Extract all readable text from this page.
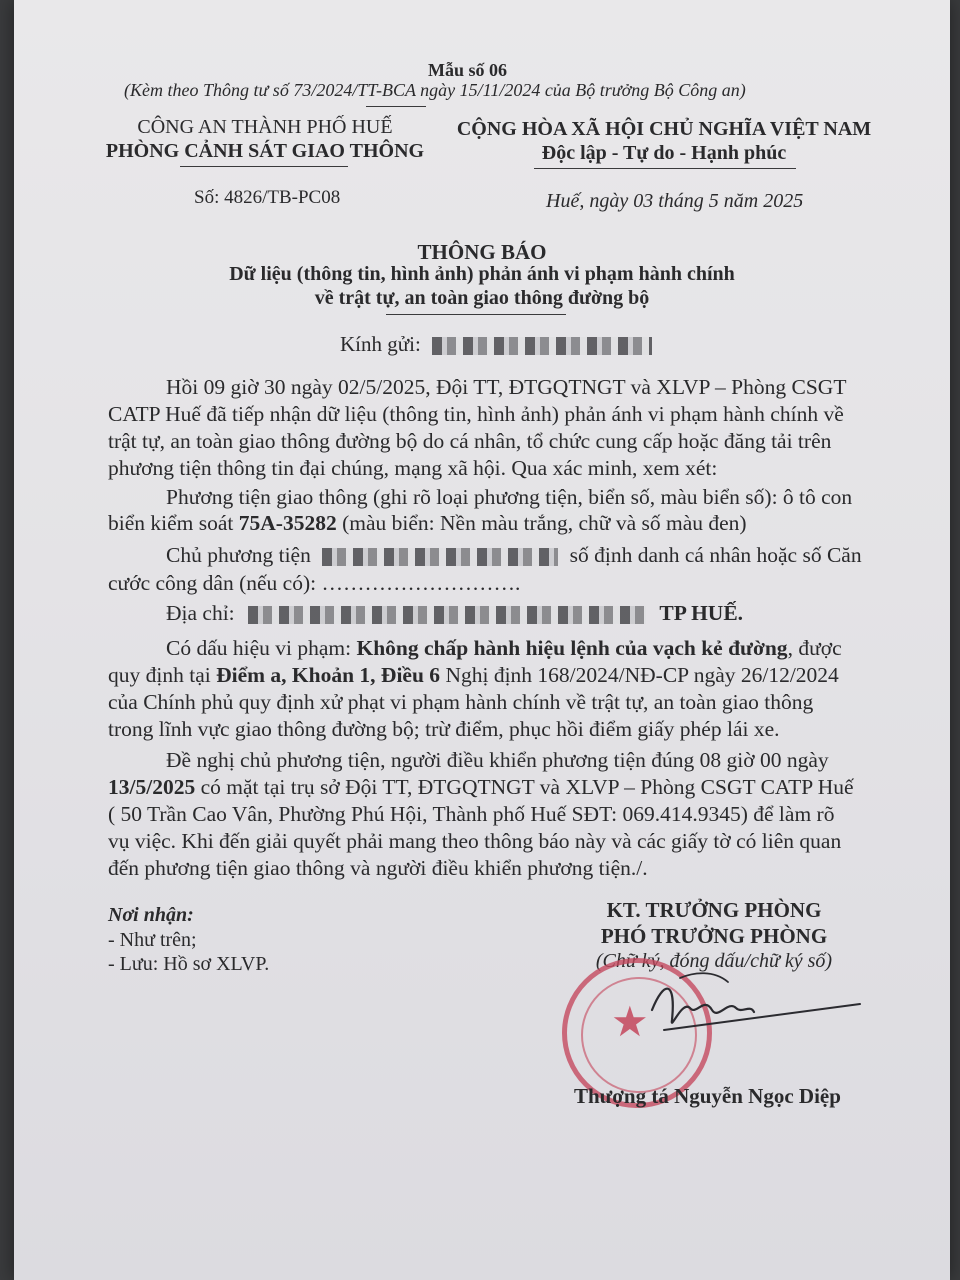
Mẫu số 06
(Kèm theo Thông tư số 73/2024/TT-BCA ngày 15/11/2024 của Bộ trưởng Bộ Công an)
CÔNG AN THÀNH PHỐ HUẾ
PHÒNG CẢNH SÁT GIAO THÔNG
Số: 4826/TB-PC08
CỘNG HÒA XÃ HỘI CHỦ NGHĨA VIỆT NAM
Độc lập - Tự do - Hạnh phúc
Huế, ngày 03 tháng 5 năm 2025
THÔNG BÁO
Dữ liệu (thông tin, hình ảnh) phản ánh vi phạm hành chính
về trật tự, an toàn giao thông đường bộ
Kính gửi:
Hồi 09 giờ 30 ngày 02/5/2025, Đội TT, ĐTGQTNGT và XLVP – Phòng CSGT
CATP Huế đã tiếp nhận dữ liệu (thông tin, hình ảnh) phản ánh vi phạm hành chính về
trật tự, an toàn giao thông đường bộ do cá nhân, tổ chức cung cấp hoặc đăng tải trên
phương tiện thông tin đại chúng, mạng xã hội. Qua xác minh, xem xét:
Phương tiện giao thông (ghi rõ loại phương tiện, biển số, màu biển số): ô tô con
biển kiểm soát 75A-35282 (màu biển: Nền màu trắng, chữ và số màu đen)
Chủ phương tiện	số định danh cá nhân hoặc số Căn
cước công dân (nếu có): ……………………….
Địa chỉ:	TP HUẾ.
Có dấu hiệu vi phạm: Không chấp hành hiệu lệnh của vạch kẻ đường, được
quy định tại Điểm a, Khoản 1, Điều 6 Nghị định 168/2024/NĐ-CP ngày 26/12/2024
của Chính phủ quy định xử phạt vi phạm hành chính về trật tự, an toàn giao thông
trong lĩnh vực giao thông đường bộ; trừ điểm, phục hồi điểm giấy phép lái xe.
Đề nghị chủ phương tiện, người điều khiển phương tiện đúng 08 giờ 00 ngày
13/5/2025 có mặt tại trụ sở Đội TT, ĐTGQTNGT và XLVP – Phòng CSGT CATP Huế
( 50 Trần Cao Vân, Phường Phú Hội, Thành phố Huế SĐT: 069.414.9345) để làm rõ
vụ việc. Khi đến giải quyết phải mang theo thông báo này và các giấy tờ có liên quan
đến phương tiện giao thông và người điều khiển phương tiện./.
Nơi nhận:
- Như trên;
- Lưu: Hồ sơ XLVP.
KT. TRƯỞNG PHÒNG
PHÓ TRƯỞNG PHÒNG
(Chữ ký, đóng dấu/chữ ký số)
★
Thượng tá Nguyễn Ngọc Diệp
